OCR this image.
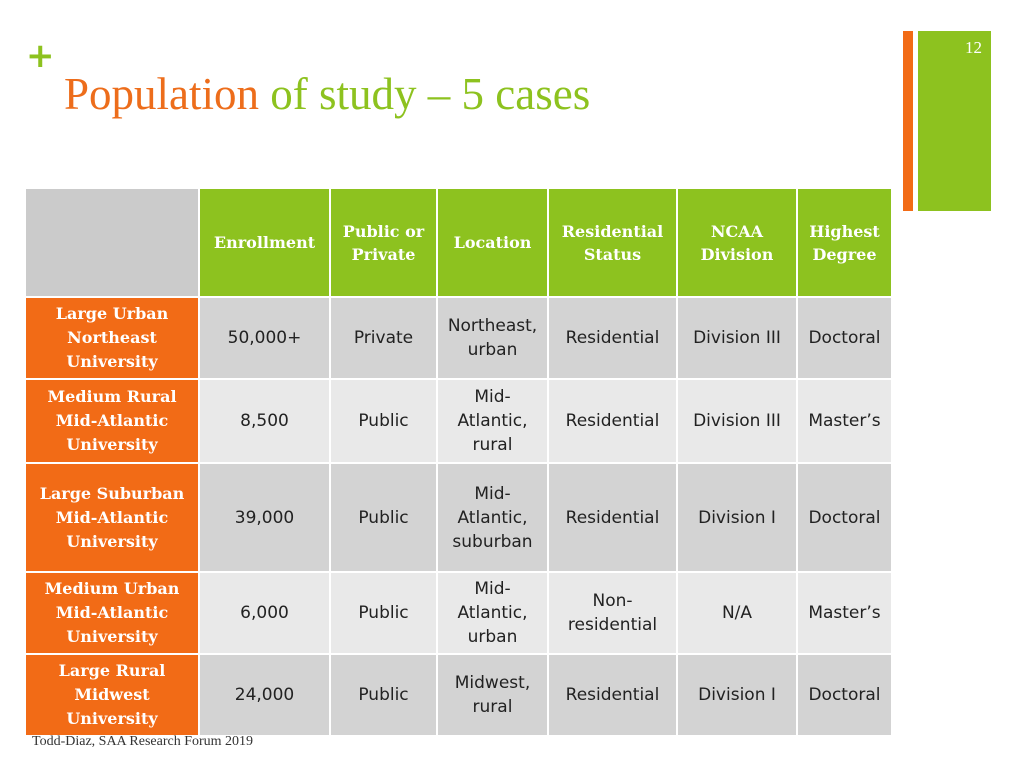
+
Population of study – 5 cases
12
	Enrollment	Public or Private	Location	Residential Status	NCAA Division	Highest Degree
Large Urban Northeast University	50,000+	Private	Northeast, urban	Residential	Division III	Doctoral
Medium Rural Mid-Atlantic University	8,500	Public	Mid-Atlantic, rural	Residential	Division III	Master’s
Large Suburban Mid-Atlantic University	39,000	Public	Mid-Atlantic, suburban	Residential	Division I	Doctoral
Medium Urban Mid-Atlantic University	6,000	Public	Mid-Atlantic, urban	Non-residential	N/A	Master’s
Large Rural Midwest University	24,000	Public	Midwest, rural	Residential	Division I	Doctoral
Todd-Diaz, SAA Research Forum 2019
